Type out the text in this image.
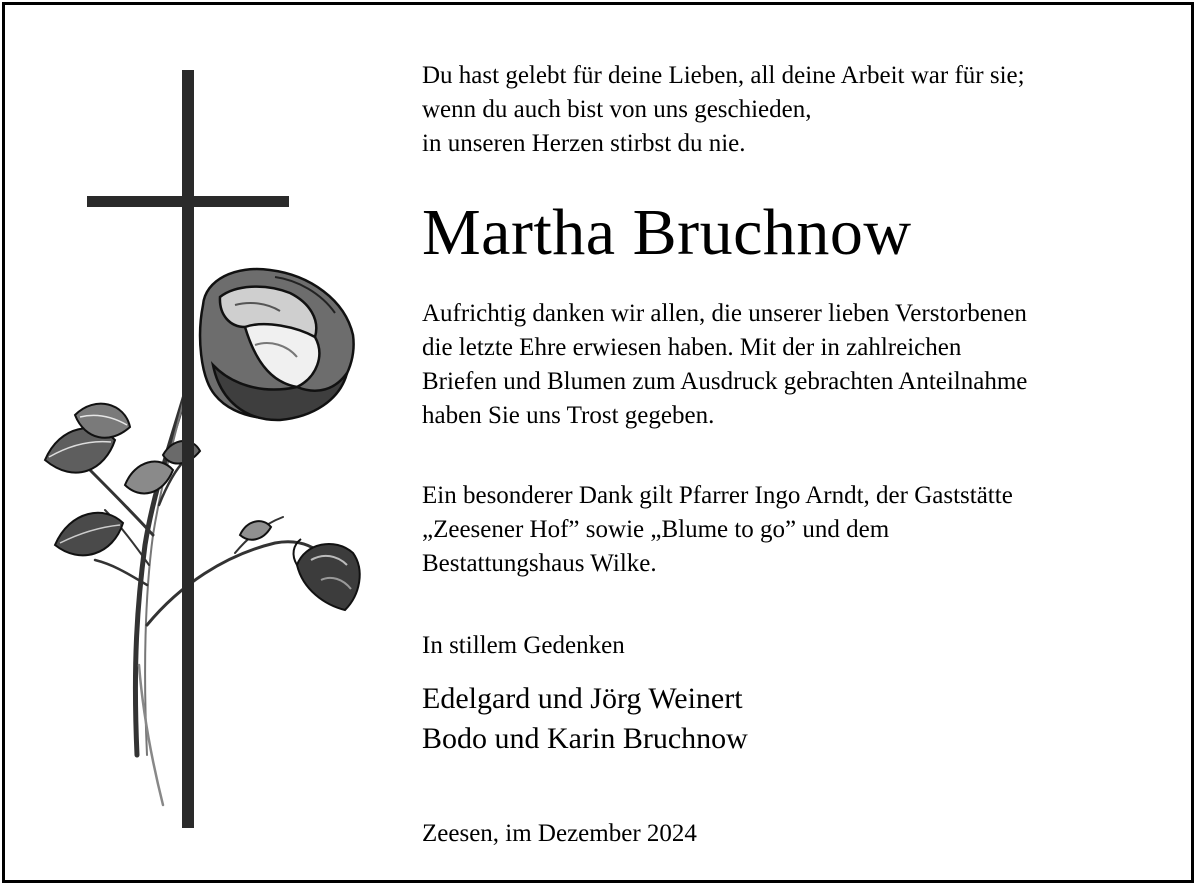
Du hast gelebt für deine Lieben, all deine Arbeit war für sie;
wenn du auch bist von uns geschieden,
in unseren Herzen stirbst du nie.
Martha Bruchnow
Aufrichtig danken wir allen, die unserer lieben Verstorbenen
die letzte Ehre erwiesen haben. Mit der in zahlreichen
Briefen und Blumen zum Ausdruck gebrachten Anteilnahme
haben Sie uns Trost gegeben.
Ein besonderer Dank gilt Pfarrer Ingo Arndt, der Gaststätte
„Zeesener Hof” sowie „Blume to go” und dem
Bestattungshaus Wilke.
In stillem Gedenken
Edelgard und Jörg Weinert
Bodo und Karin Bruchnow
Zeesen, im Dezember 2024
